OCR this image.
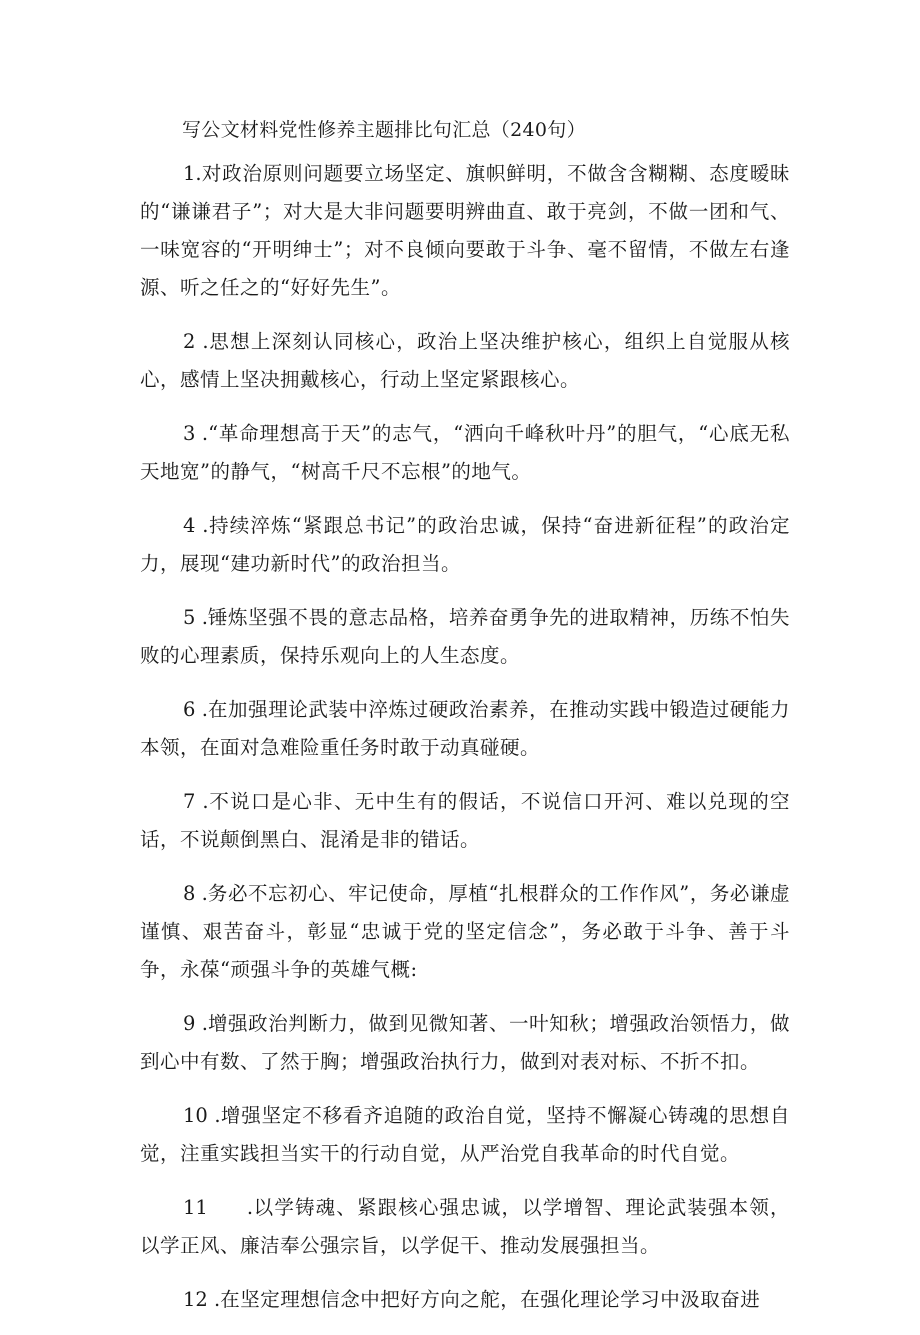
写公文材料党性修养主题排比句汇总（240句）

1.对政治原则问题要立场坚定、旗帜鲜明，不做含含糊糊、态度暧昧的“谦谦君子”；对大是大非问题要明辨曲直、敢于亮剑，不做一团和气、一味宽容的“开明绅士”；对不良倾向要敢于斗争、毫不留情，不做左右逢源、听之任之的“好好先生”。

2 .思想上深刻认同核心，政治上坚决维护核心，组织上自觉服从核心，感情上坚决拥戴核心，行动上坚定紧跟核心。

3 .“革命理想高于天”的志气，“洒向千峰秋叶丹”的胆气，“心底无私天地宽”的静气，“树高千尺不忘根”的地气。

4 .持续淬炼“紧跟总书记”的政治忠诚，保持“奋进新征程”的政治定力，展现“建功新时代”的政治担当。

5 .锤炼坚强不畏的意志品格，培养奋勇争先的进取精神，历练不怕失败的心理素质，保持乐观向上的人生态度。

6 .在加强理论武装中淬炼过硬政治素养，在推动实践中锻造过硬能力本领，在面对急难险重任务时敢于动真碰硬。

7 .不说口是心非、无中生有的假话，不说信口开河、难以兑现的空话，不说颠倒黑白、混淆是非的错话。

8 .务必不忘初心、牢记使命，厚植“扎根群众的工作作风”，务必谦虚谨慎、艰苦奋斗，彰显“忠诚于党的坚定信念”，务必敢于斗争、善于斗争，永葆“顽强斗争的英雄气概:

9 .增强政治判断力，做到见微知著、一叶知秋；增强政治领悟力，做到心中有数、了然于胸；增强政治执行力，做到对表对标、不折不扣。

10 .增强坚定不移看齐追随的政治自觉，坚持不懈凝心铸魂的思想自觉，注重实践担当实干的行动自觉，从严治党自我革命的时代自觉。

11  .以学铸魂、紧跟核心强忠诚，以学增智、理论武装强本领，以学正风、廉洁奉公强宗旨，以学促干、推动发展强担当。

12 .在坚定理想信念中把好方向之舵，在强化理论学习中汲取奋进
